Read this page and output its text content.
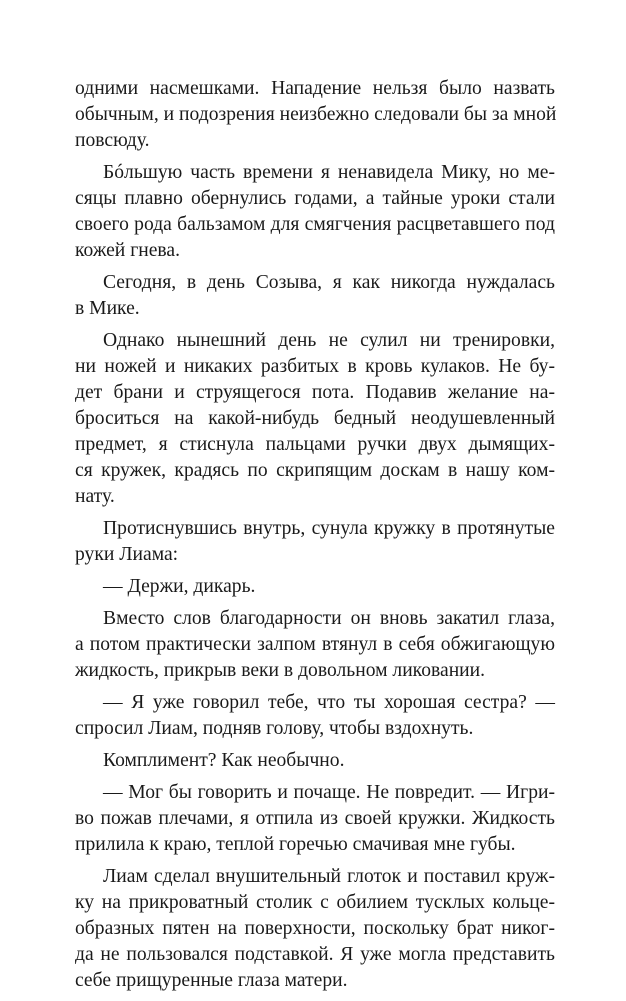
одними насмешками. Нападение нельзя было назвать
обычным, и подозрения неизбежно следовали бы за мной
повсюду.
Бóльшую часть времени я ненавидела Мику, но ме-
сяцы плавно обернулись годами, а тайные уроки стали
своего рода бальзамом для смягчения расцветавшего под
кожей гнева.
Сегодня, в день Созыва, я как никогда нуждалась
в Мике.
Однако нынешний день не сулил ни тренировки,
ни ножей и никаких разбитых в кровь кулаков. Не бу-
дет брани и струящегося пота. Подавив желание на-
броситься на какой-нибудь бедный неодушевленный
предмет, я стиснула пальцами ручки двух дымящих-
ся кружек, крадясь по скрипящим доскам в нашу ком-
нату.
Протиснувшись внутрь, сунула кружку в протянутые
руки Лиама:
— Держи, дикарь.
Вместо слов благодарности он вновь закатил глаза,
а потом практически залпом втянул в себя обжигающую
жидкость, прикрыв веки в довольном ликовании.
— Я уже говорил тебе, что ты хорошая сестра? —
спросил Лиам, подняв голову, чтобы вздохнуть.
Комплимент? Как необычно.
— Мог бы говорить и почаще. Не повредит. — Игри-
во пожав плечами, я отпила из своей кружки. Жидкость
прилила к краю, теплой горечью смачивая мне губы.
Лиам сделал внушительный глоток и поставил круж-
ку на прикроватный столик с обилием тусклых кольце-
образных пятен на поверхности, поскольку брат никог-
да не пользовался подставкой. Я уже могла представить
себе прищуренные глаза матери.
